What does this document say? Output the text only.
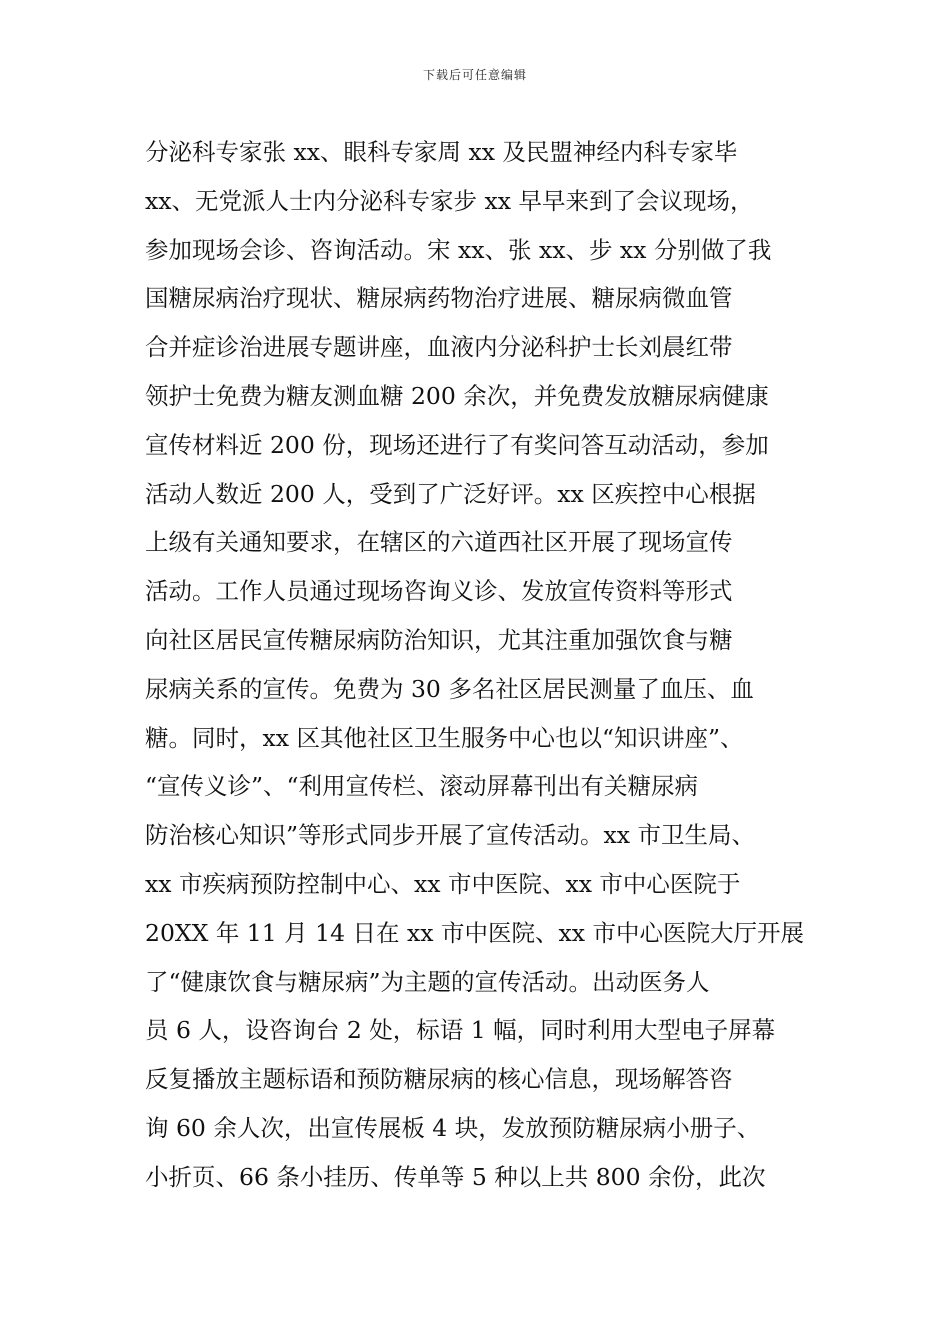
下载后可任意编辑
分泌科专家张 xx、眼科专家周 xx 及民盟神经内科专家毕
xx、无党派人士内分泌科专家步 xx 早早来到了会议现场，
参加现场会诊、咨询活动。宋 xx、张 xx、步 xx 分别做了我
国糖尿病治疗现状、糖尿病药物治疗进展、糖尿病微血管
合并症诊治进展专题讲座，血液内分泌科护士长刘晨红带
领护士免费为糖友测血糖 200 余次，并免费发放糖尿病健康
宣传材料近 200 份，现场还进行了有奖问答互动活动，参加
活动人数近 200 人，受到了广泛好评。xx 区疾控中心根据
上级有关通知要求，在辖区的六道西社区开展了现场宣传
活动。工作人员通过现场咨询义诊、发放宣传资料等形式
向社区居民宣传糖尿病防治知识，尤其注重加强饮食与糖
尿病关系的宣传。免费为 30 多名社区居民测量了血压、血
糖。同时，xx 区其他社区卫生服务中心也以“知识讲座”、
“宣传义诊”、“利用宣传栏、滚动屏幕刊出有关糖尿病
防治核心知识”等形式同步开展了宣传活动。xx 市卫生局、
xx 市疾病预防控制中心、xx 市中医院、xx 市中心医院于
20XX 年 11 月 14 日在 xx 市中医院、xx 市中心医院大厅开展
了“健康饮食与糖尿病”为主题的宣传活动。出动医务人
员 6 人，设咨询台 2 处，标语 1 幅，同时利用大型电子屏幕
反复播放主题标语和预防糖尿病的核心信息，现场解答咨
询 60 余人次，出宣传展板 4 块，发放预防糖尿病小册子、
小折页、66 条小挂历、传单等 5 种以上共 800 余份，此次
